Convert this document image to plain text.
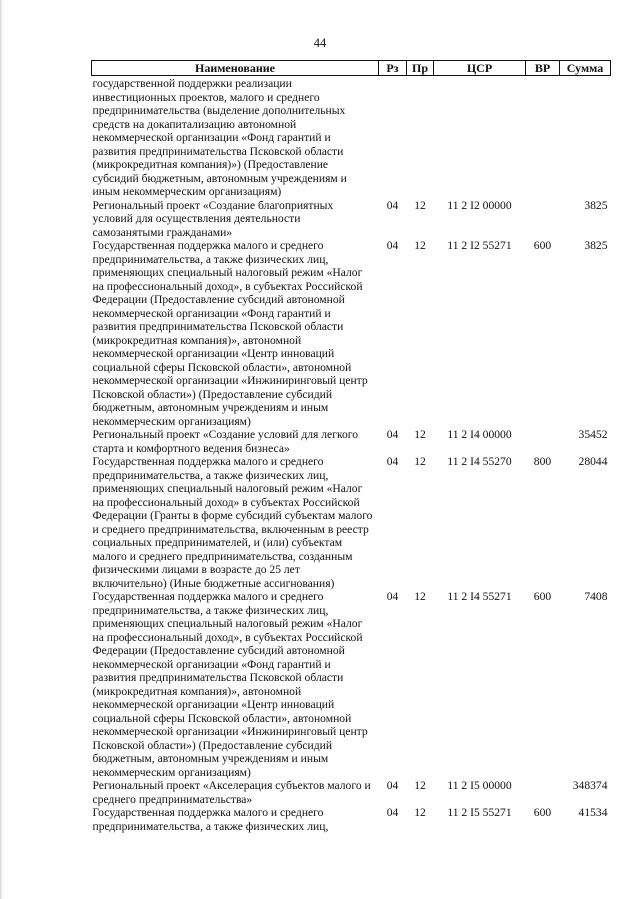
44
Наименование	Рз	Пр	ЦСР	ВР	Сумма
государственной поддержки реализации инвестиционных проектов, малого и среднего предпринимательства (выделение дополнительных средств на докапитализацию автономной некоммерческой организации «Фонд гарантий и развития предпринимательства Псковской области (микрокредитная компания)») (Предоставление субсидий бюджетным, автономным учреждениям и иным некоммерческим организациям)					
Региональный проект «Создание благоприятных условий для осуществления деятельности самозанятыми гражданами»	04	12	11 2 I2 00000		3825
Государственная поддержка малого и среднего предпринимательства, а также физических лиц, применяющих специальный налоговый режим «Налог на профессиональный доход», в субъектах Российской Федерации (Предоставление субсидий автономной некоммерческой организации «Фонд гарантий и развития предпринимательства Псковской области (микрокредитная компания)», автономной некоммерческой организации «Центр инноваций социальной сферы Псковской области», автономной некоммерческой организации «Инжиниринговый центр Псковской области») (Предоставление субсидий бюджетным, автономным учреждениям и иным некоммерческим организациям)	04	12	11 2 I2 55271	600	3825
Региональный проект «Создание условий для легкого старта и комфортного ведения бизнеса»	04	12	11 2 I4 00000		35452
Государственная поддержка малого и среднего предпринимательства, а также физических лиц, применяющих специальный налоговый режим «Налог на профессиональный доход» в субъектах Российской Федерации (Гранты в форме субсидий субъектам малого и среднего предпринимательства, включенным в реестр социальных предпринимателей, и (или) субъектам малого и среднего предпринимательства, созданным физическими лицами в возрасте до 25 лет включительно) (Иные бюджетные ассигнования)	04	12	11 2 I4 55270	800	28044
Государственная поддержка малого и среднего предпринимательства, а также физических лиц, применяющих специальный налоговый режим «Налог на профессиональный доход», в субъектах Российской Федерации (Предоставление субсидий автономной некоммерческой организации «Фонд гарантий и развития предпринимательства Псковской области (микрокредитная компания)», автономной некоммерческой организации «Центр инноваций социальной сферы Псковской области», автономной некоммерческой организации «Инжиниринговый центр Псковской области») (Предоставление субсидий бюджетным, автономным учреждениям и иным некоммерческим организациям)	04	12	11 2 I4 55271	600	7408
Региональный проект «Акселерация субъектов малого и среднего предпринимательства»	04	12	11 2 I5 00000		348374
Государственная поддержка малого и среднего предпринимательства, а также физических лиц,	04	12	11 2 I5 55271	600	41534
